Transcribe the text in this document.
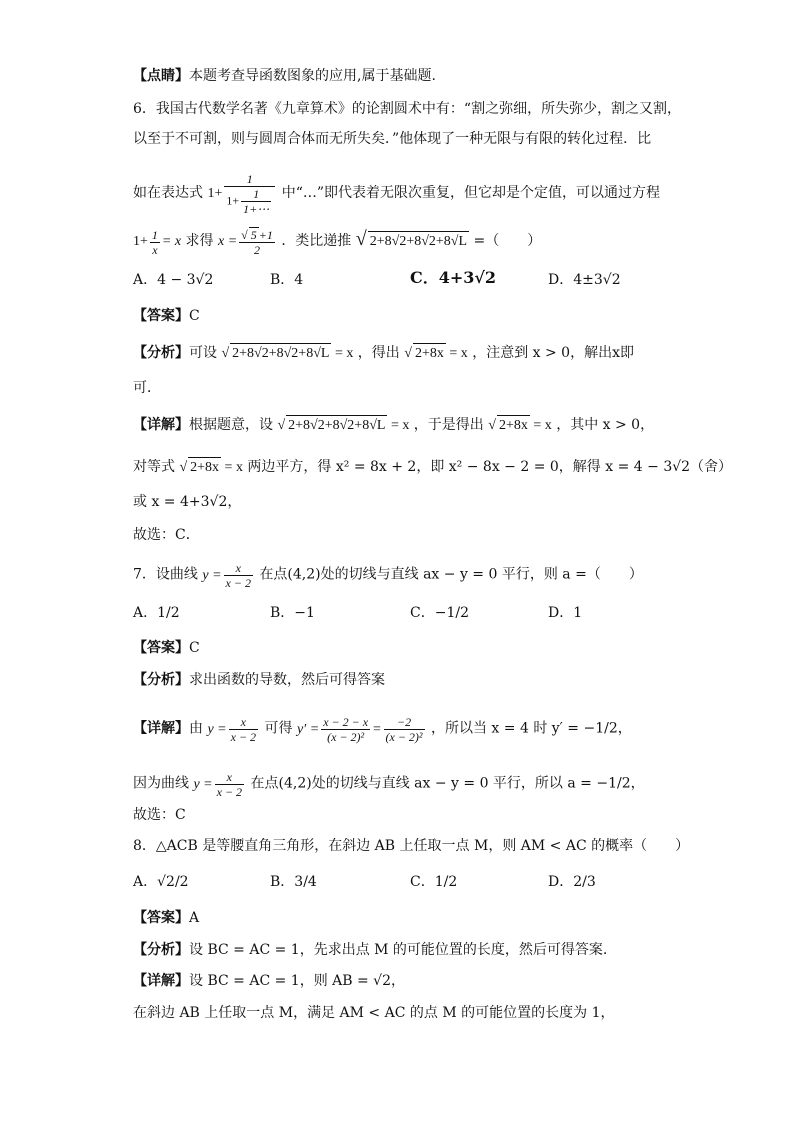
【点睛】本题考查导函数图象的应用,属于基础题.
6．我国古代数学名著《九章算术》的论割圆术中有：“割之弥细，所失弥少，割之又割，
以至于不可割，则与圆周合体而无所失矣．”他体现了一种无限与有限的转化过程．比
如在表达式 $1+ \frac{1}{1+ \frac{1}{1+\cdots}}$ 中“…”即代表着无限次重复，但它却是个定值，可以通过方程
$1+ \frac{1}{x} = x$ 求得 $x = \frac{√ 5 +1}{2}$ ．类比递推 √ 2+8√2+8√2+8√L =（　　）
A．4 − 3√2	B．4	C．4+3√2	D．4±3√2
【答案】C
【分析】可设 √ 2+8√2+8√2+8√L = x ，得出 √ 2+8x = x ，注意到 x > 0，解出x即
可．
【详解】根据题意，设 √ 2+8√2+8√2+8√L = x ，于是得出 √ 2+8x = x ，其中 x > 0，
对等式 √ 2+8x = x 两边平方，得 x² = 8x + 2，即 x² − 8x − 2 = 0，解得 x = 4 − 3√2（舍）
或 x = 4+3√2，
故选：C．
7．设曲线 $y = \frac{x}{x - 2}$ 在点(4,2)处的切线与直线 ax − y = 0 平行，则 a =（　　）
A．1/2	B．−1	C．−1/2	D．1
【答案】C
【分析】求出函数的导数，然后可得答案
【详解】由 $y = \frac{x}{x - 2}$ 可得 $y' = \frac{x - 2 - x}{\text{(x − 2)²}} = \frac{-2}{\text{(x − 2)²}}$ ，所以当 x = 4 时 y′ = −1/2，
因为曲线 $y = \frac{x}{x - 2}$ 在点(4,2)处的切线与直线 ax − y = 0 平行，所以 a = −1/2，
故选：C
8．△ACB 是等腰直角三角形，在斜边 AB 上任取一点 M，则 AM < AC 的概率（　　）
A．√2/2	B．3/4	C．1/2	D．2/3
【答案】A
【分析】设 BC = AC = 1，先求出点 M 的可能位置的长度，然后可得答案.
【详解】设 BC = AC = 1，则 AB = √2，
在斜边 AB 上任取一点 M，满足 AM < AC 的点 M 的可能位置的长度为 1，
